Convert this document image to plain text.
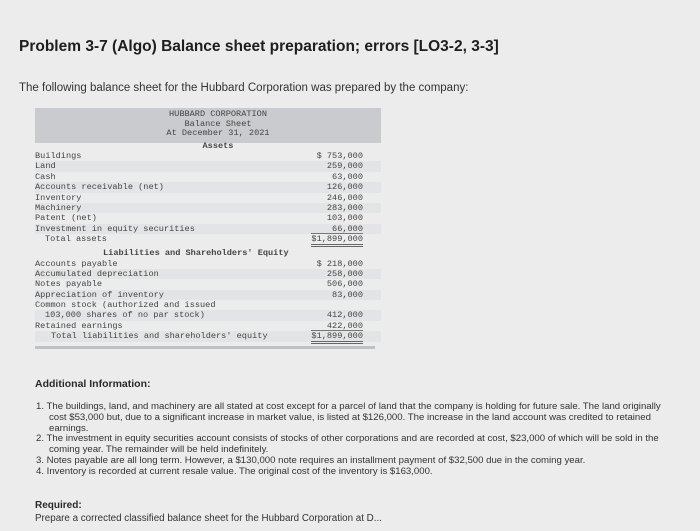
Problem 3-7 (Algo) Balance sheet preparation; errors [LO3-2, 3-3]
The following balance sheet for the Hubbard Corporation was prepared by the company:
HUBBARD CORPORATION
Balance Sheet
At December 31, 2021
Assets
Buildings	$ 753,000
Land	259,000
Cash	63,000
Accounts receivable (net)	126,000
Inventory	246,000
Machinery	283,000
Patent (net)	103,000
Investment in equity securities	66,000
Total assets	$1,899,000
Liabilities and Shareholders' Equity
Accounts payable	$ 218,000
Accumulated depreciation	258,000
Notes payable	506,000
Appreciation of inventory	83,000
Common stock (authorized and issued
103,000 shares of no par stock)	412,000
Retained earnings	422,000
Total liabilities and shareholders' equity	$1,899,000
Additional Information:
1. The buildings, land, and machinery are all stated at cost except for a parcel of land that the company is holding for future sale. The land originally cost $53,000 but, due to a significant increase in market value, is listed at $126,000. The increase in the land account was credited to retained earnings.
2. The investment in equity securities account consists of stocks of other corporations and are recorded at cost, $23,000 of which will be sold in the coming year. The remainder will be held indefinitely.
3. Notes payable are all long term. However, a $130,000 note requires an installment payment of $32,500 due in the coming year.
4. Inventory is recorded at current resale value. The original cost of the inventory is $163,000.
Required:
Prepare a corrected classified balance sheet for the Hubbard Corporation at D...
